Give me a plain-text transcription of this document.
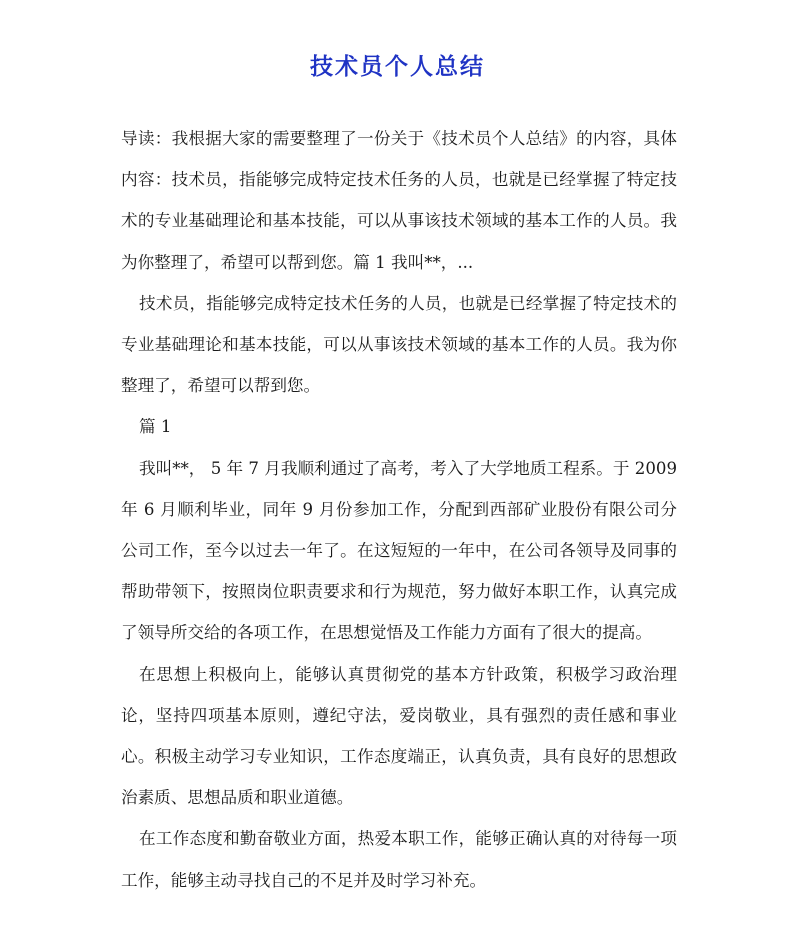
技术员个人总结

导读：我根据大家的需要整理了一份关于《技术员个人总结》的内容，具体内容：技术员，指能够完成特定技术任务的人员，也就是已经掌握了特定技术的专业基础理论和基本技能，可以从事该技术领域的基本工作的人员。我为你整理了，希望可以帮到您。篇 1 我叫**，...

技术员，指能够完成特定技术任务的人员，也就是已经掌握了特定技术的专业基础理论和基本技能，可以从事该技术领域的基本工作的人员。我为你整理了，希望可以帮到您。

篇 1

我叫**， 5 年 7 月我顺利通过了高考，考入了大学地质工程系。于 2009 年 6 月顺利毕业，同年 9 月份参加工作，分配到西部矿业股份有限公司分公司工作，至今以过去一年了。在这短短的一年中，在公司各领导及同事的帮助带领下，按照岗位职责要求和行为规范，努力做好本职工作，认真完成了领导所交给的各项工作，在思想觉悟及工作能力方面有了很大的提高。

在思想上积极向上，能够认真贯彻党的基本方针政策，积极学习政治理论，坚持四项基本原则，遵纪守法，爱岗敬业，具有强烈的责任感和事业心。积极主动学习专业知识，工作态度端正，认真负责，具有良好的思想政治素质、思想品质和职业道德。

在工作态度和勤奋敬业方面，热爱本职工作，能够正确认真的对待每一项工作，能够主动寻找自己的不足并及时学习补充。
